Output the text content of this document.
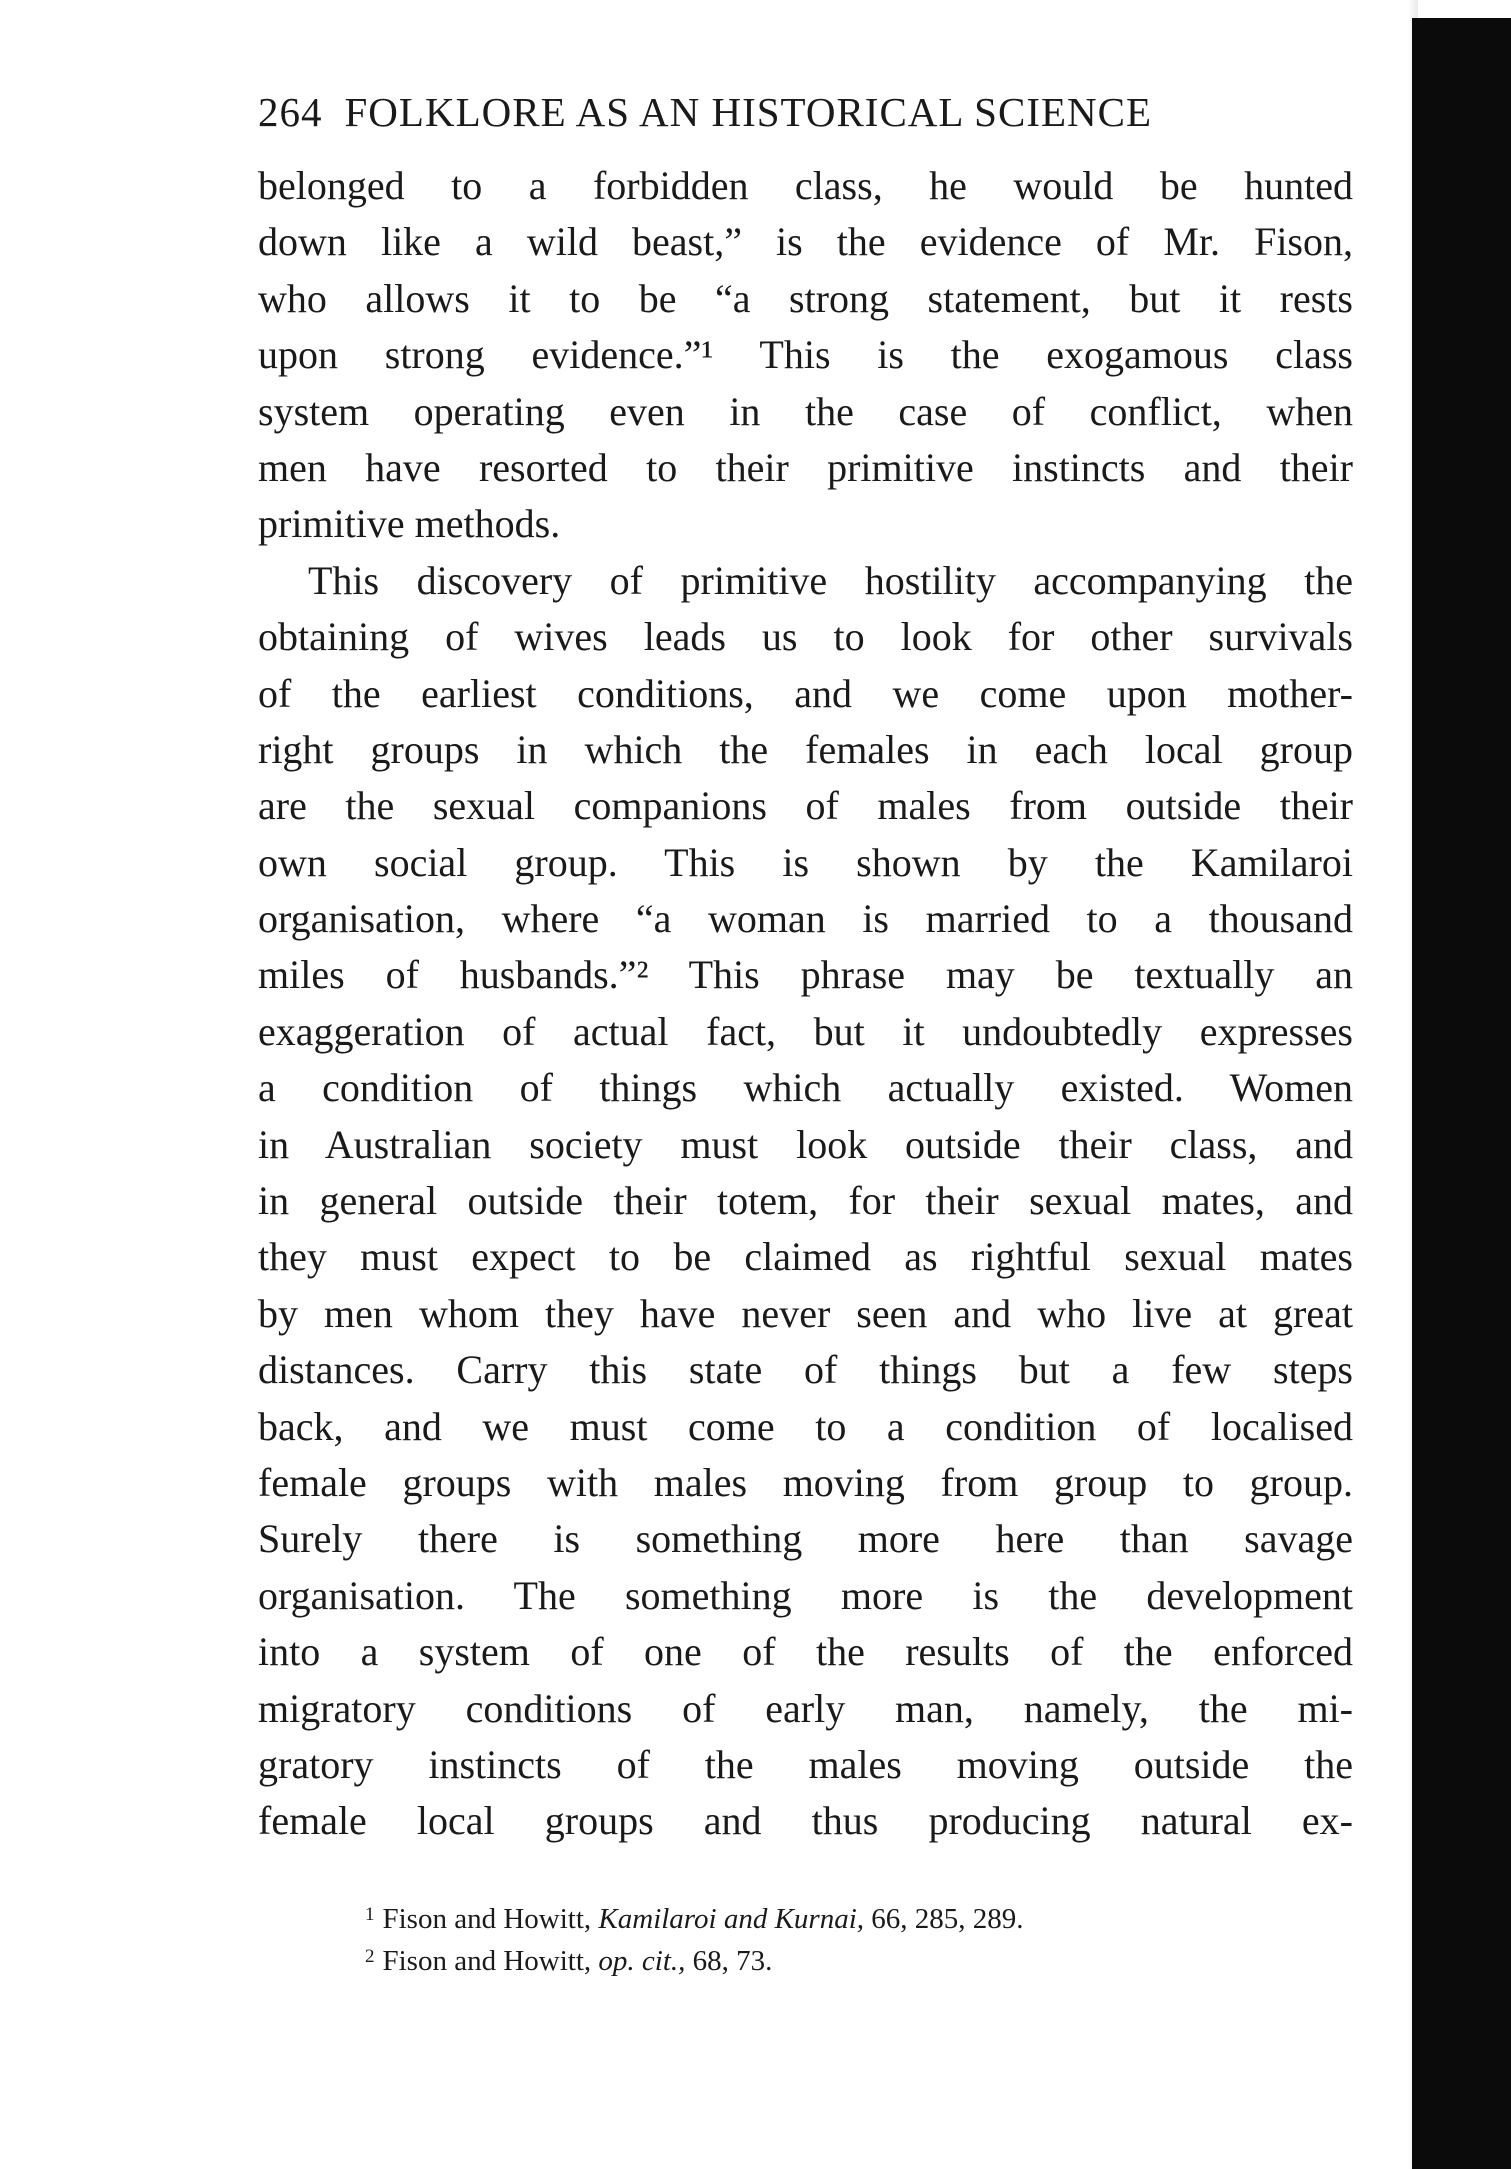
264 FOLKLORE AS AN HISTORICAL SCIENCE
belonged to a forbidden class, he would be hunted
down like a wild beast,” is the evidence of Mr. Fison,
who allows it to be “a strong statement, but it rests
upon strong evidence.”¹ This is the exogamous class
system operating even in the case of conflict, when
men have resorted to their primitive instincts and their
primitive methods.
This discovery of primitive hostility accompanying the
obtaining of wives leads us to look for other survivals
of the earliest conditions, and we come upon mother-
right groups in which the females in each local group
are the sexual companions of males from outside their
own social group. This is shown by the Kamilaroi
organisation, where “a woman is married to a thousand
miles of husbands.”² This phrase may be textually an
exaggeration of actual fact, but it undoubtedly expresses
a condition of things which actually existed. Women
in Australian society must look outside their class, and
in general outside their totem, for their sexual mates, and
they must expect to be claimed as rightful sexual mates
by men whom they have never seen and who live at great
distances. Carry this state of things but a few steps
back, and we must come to a condition of localised
female groups with males moving from group to group.
Surely there is something more here than savage
organisation. The something more is the development
into a system of one of the results of the enforced
migratory conditions of early man, namely, the mi-
gratory instincts of the males moving outside the
female local groups and thus producing natural ex-
$^1$ Fison and Howitt, Kamilaroi and Kurnai, 66, 285, 289.
$^2$ Fison and Howitt, op. cit., 68, 73.
